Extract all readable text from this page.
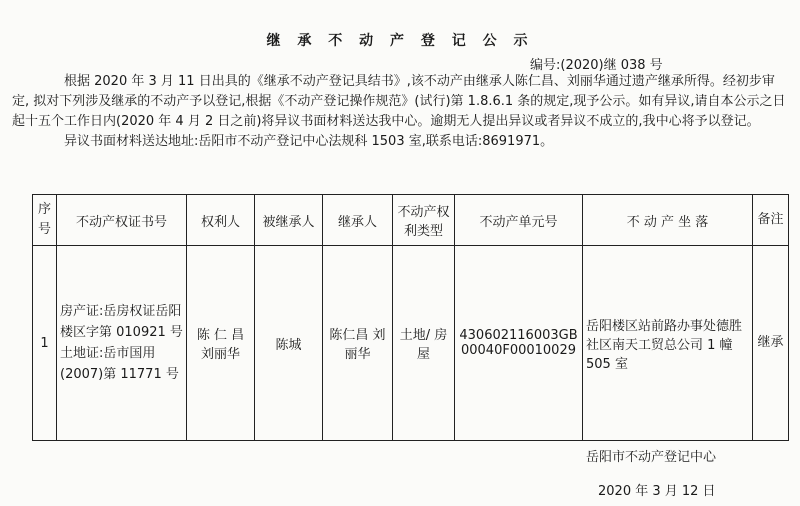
继 承 不 动 产 登 记 公 示
编号:(2020)继 038 号

根据 2020 年 3 月 11 日出具的《继承不动产登记具结书》,该不动产由继承人陈仁昌、刘丽华通过遗产继承所得。经初步审定, 拟对下列涉及继承的不动产予以登记,根据《不动产登记操作规范》(试行)第 1.8.6.1 条的规定,现予公示。如有异议,请自本公示之日起十五个工作日内(2020 年 4 月 2 日之前)将异议书面材料送达我中心。逾期无人提出异议或者异议不成立的,我中心将予以登记。

异议书面材料送达地址:岳阳市不动产登记中心法规科 1503 室,联系电话:8691971。

序号	不动产权证书号	权利人	被继承人	继承人	不动产权利类型	不动产单元号	不 动 产 坐 落	备注
1	房产证:岳房权证岳阳楼区字第 010921 号
土地证:岳市国用(2007)第 11771 号	陈 仁 昌 刘丽华	陈城	陈仁昌 刘丽华	土地/ 房屋	430602116003GB00040F00010029	岳阳楼区站前路办事处德胜社区南天工贸总公司 1 幢 505 室	继承
岳阳市不动产登记中心
2020 年 3 月 12 日
